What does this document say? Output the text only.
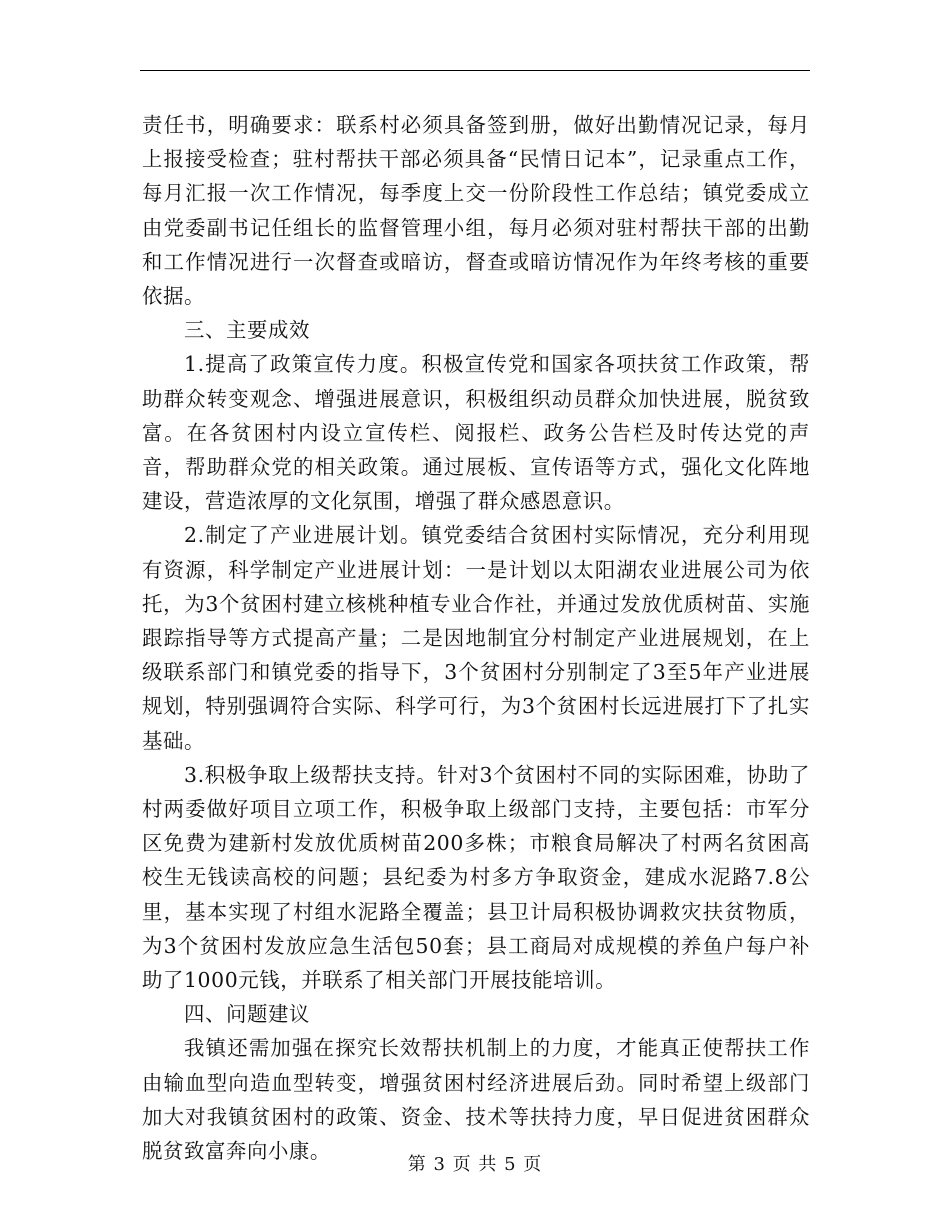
责任书，明确要求：联系村必须具备签到册，做好出勤情况记录，每月上报接受检查；驻村帮扶干部必须具备“民情日记本”，记录重点工作，每月汇报一次工作情况，每季度上交一份阶段性工作总结；镇党委成立由党委副书记任组长的监督管理小组，每月必须对驻村帮扶干部的出勤和工作情况进行一次督查或暗访，督查或暗访情况作为年终考核的重要依据。

三、主要成效

1.提高了政策宣传力度。积极宣传党和国家各项扶贫工作政策，帮助群众转变观念、增强进展意识，积极组织动员群众加快进展，脱贫致富。在各贫困村内设立宣传栏、阅报栏、政务公告栏及时传达党的声音，帮助群众党的相关政策。通过展板、宣传语等方式，强化文化阵地建设，营造浓厚的文化氛围，增强了群众感恩意识。

2.制定了产业进展计划。镇党委结合贫困村实际情况，充分利用现有资源，科学制定产业进展计划：一是计划以太阳湖农业进展公司为依托，为3个贫困村建立核桃种植专业合作社，并通过发放优质树苗、实施跟踪指导等方式提高产量；二是因地制宜分村制定产业进展规划，在上级联系部门和镇党委的指导下，3个贫困村分别制定了3至5年产业进展规划，特别强调符合实际、科学可行，为3个贫困村长远进展打下了扎实基础。

3.积极争取上级帮扶支持。针对3个贫困村不同的实际困难，协助了村两委做好项目立项工作，积极争取上级部门支持，主要包括：市军分区免费为建新村发放优质树苗200多株；市粮食局解决了村两名贫困高校生无钱读高校的问题；县纪委为村多方争取资金，建成水泥路7.8公里，基本实现了村组水泥路全覆盖；县卫计局积极协调救灾扶贫物质，为3个贫困村发放应急生活包50套；县工商局对成规模的养鱼户每户补助了1000元钱，并联系了相关部门开展技能培训。

四、问题建议

我镇还需加强在探究长效帮扶机制上的力度，才能真正使帮扶工作由输血型向造血型转变，增强贫困村经济进展后劲。同时希望上级部门加大对我镇贫困村的政策、资金、技术等扶持力度，早日促进贫困群众脱贫致富奔向小康。

第 3 页 共 5 页
